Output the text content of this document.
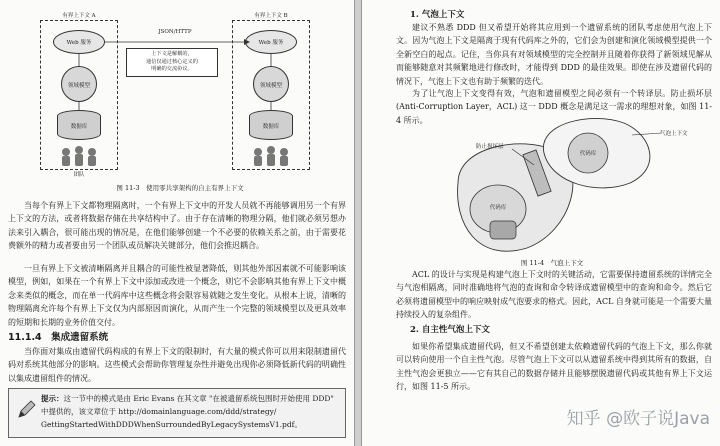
有界上下文 A	有界上下文 B
Web 服务	Web 服务
领域模型	领域模型
数据库	数据库
JSON/HTTP
上下文是解耦的，
通信仅通过核心定义的
明确的交流协议。
团队
图 11-3　使用零共享架构的自主有界上下文

当每个有界上下文都物理隔离时，一个有界上下文中的开发人员就不再能够调用另一个有界上下文的方法，或者将数据存储在共享结构中了。由于存在清晰的物理分隔，他们就必须另想办法来引入耦合，很可能出现的情况是，在他们能够创建一个不必要的依赖关系之前，由于需要花费额外的精力或者要由另一个团队或员解决关键部分，他们会推迟耦合。

一旦有界上下文被清晰隔离并且耦合的可能性被显著降低，则其他外部因素就不可能影响该模型，例如，如果在一个有界上下文中添加或改进一个概念，则它不会影响其他有界上下文中概念来类似的概念，而在单一代码库中这些概念将会限容易就随之发生变化。从根本上说，清晰的物理隔离允许每个有界上下文仅为内部原因而演化，从而产生一个完整的领域模型以及更具效率的短期和长期的业务价值交付。

11.1.4　集成遗留系统

当你面对集成由遗留代码构成的有界上下文的限制时，有大量的模式你可以用来限制遗留代码对系统其他部分的影响。这些模式会帮助你管理复杂性并避免出现你必须降低新代码的明确性以集成遗留组件的情况。

提示：这一节中的模式是由 Eric Evans 在其文章 "在被遗留系统包围时开始使用 DDD" 中提供的，该文章位于 http://domainlanguage.com/ddd/strategy/
GettingStartedWithDDDWhenSurroundedByLegacySystemsV1.pdf。
1. 气泡上下文

建议不熟悉 DDD 但又希望开始将其应用到一个遗留系统的团队考虑使用气泡上下文。因为气泡上下文是隔离于现有代码库之外的，它们会为创建和演化领域模型提供一个全新空白的起点。记住，当你具有对领域模型的完全控制并且随着你获得了新领域见解从而能够随意对其频繁地进行修改时，才能得到 DDD 的最佳效果。即使在涉及遗留代码的情况下，气泡上下文也有助于频繁的迭代。

为了让气泡上下文变得有效，气泡和遗留模型之间必须有一个转译层。防止损坏层 (Anti-Corruption Layer，ACL) 这一 DDD 概念是满足这一需求的理想对象，如图 11-4 所示。

气泡上下文
防止损坏层
代码库
代码库
图 11-4　气泡上下文

ACL 的设计与实现是构建气泡上下文时的关键活动，它需要保持遗留系统的详情完全与气泡相隔离，同时准确地将气泡的查询和命令转译成遗留模型中的查询和命令。然后它必须将遗留模型中的响应映射成气泡要求的格式。因此，ACL 自身就可能是一个需要大量持续投入的复杂组件。

2. 自主性气泡上下文

如果你希望集成遗留代码，但又不希望创建太依赖遗留代码的气泡上下文，那么你就可以转向使用一个自主性气泡。尽管气泡上下文可以从遗留系统中得到其所有的数据，自主性气泡会更独立——它有其自己的数据存储并且能够摆脱遗留代码或其他有界上下文运行，如图 11-5 所示。

知乎 @欧子说Java
